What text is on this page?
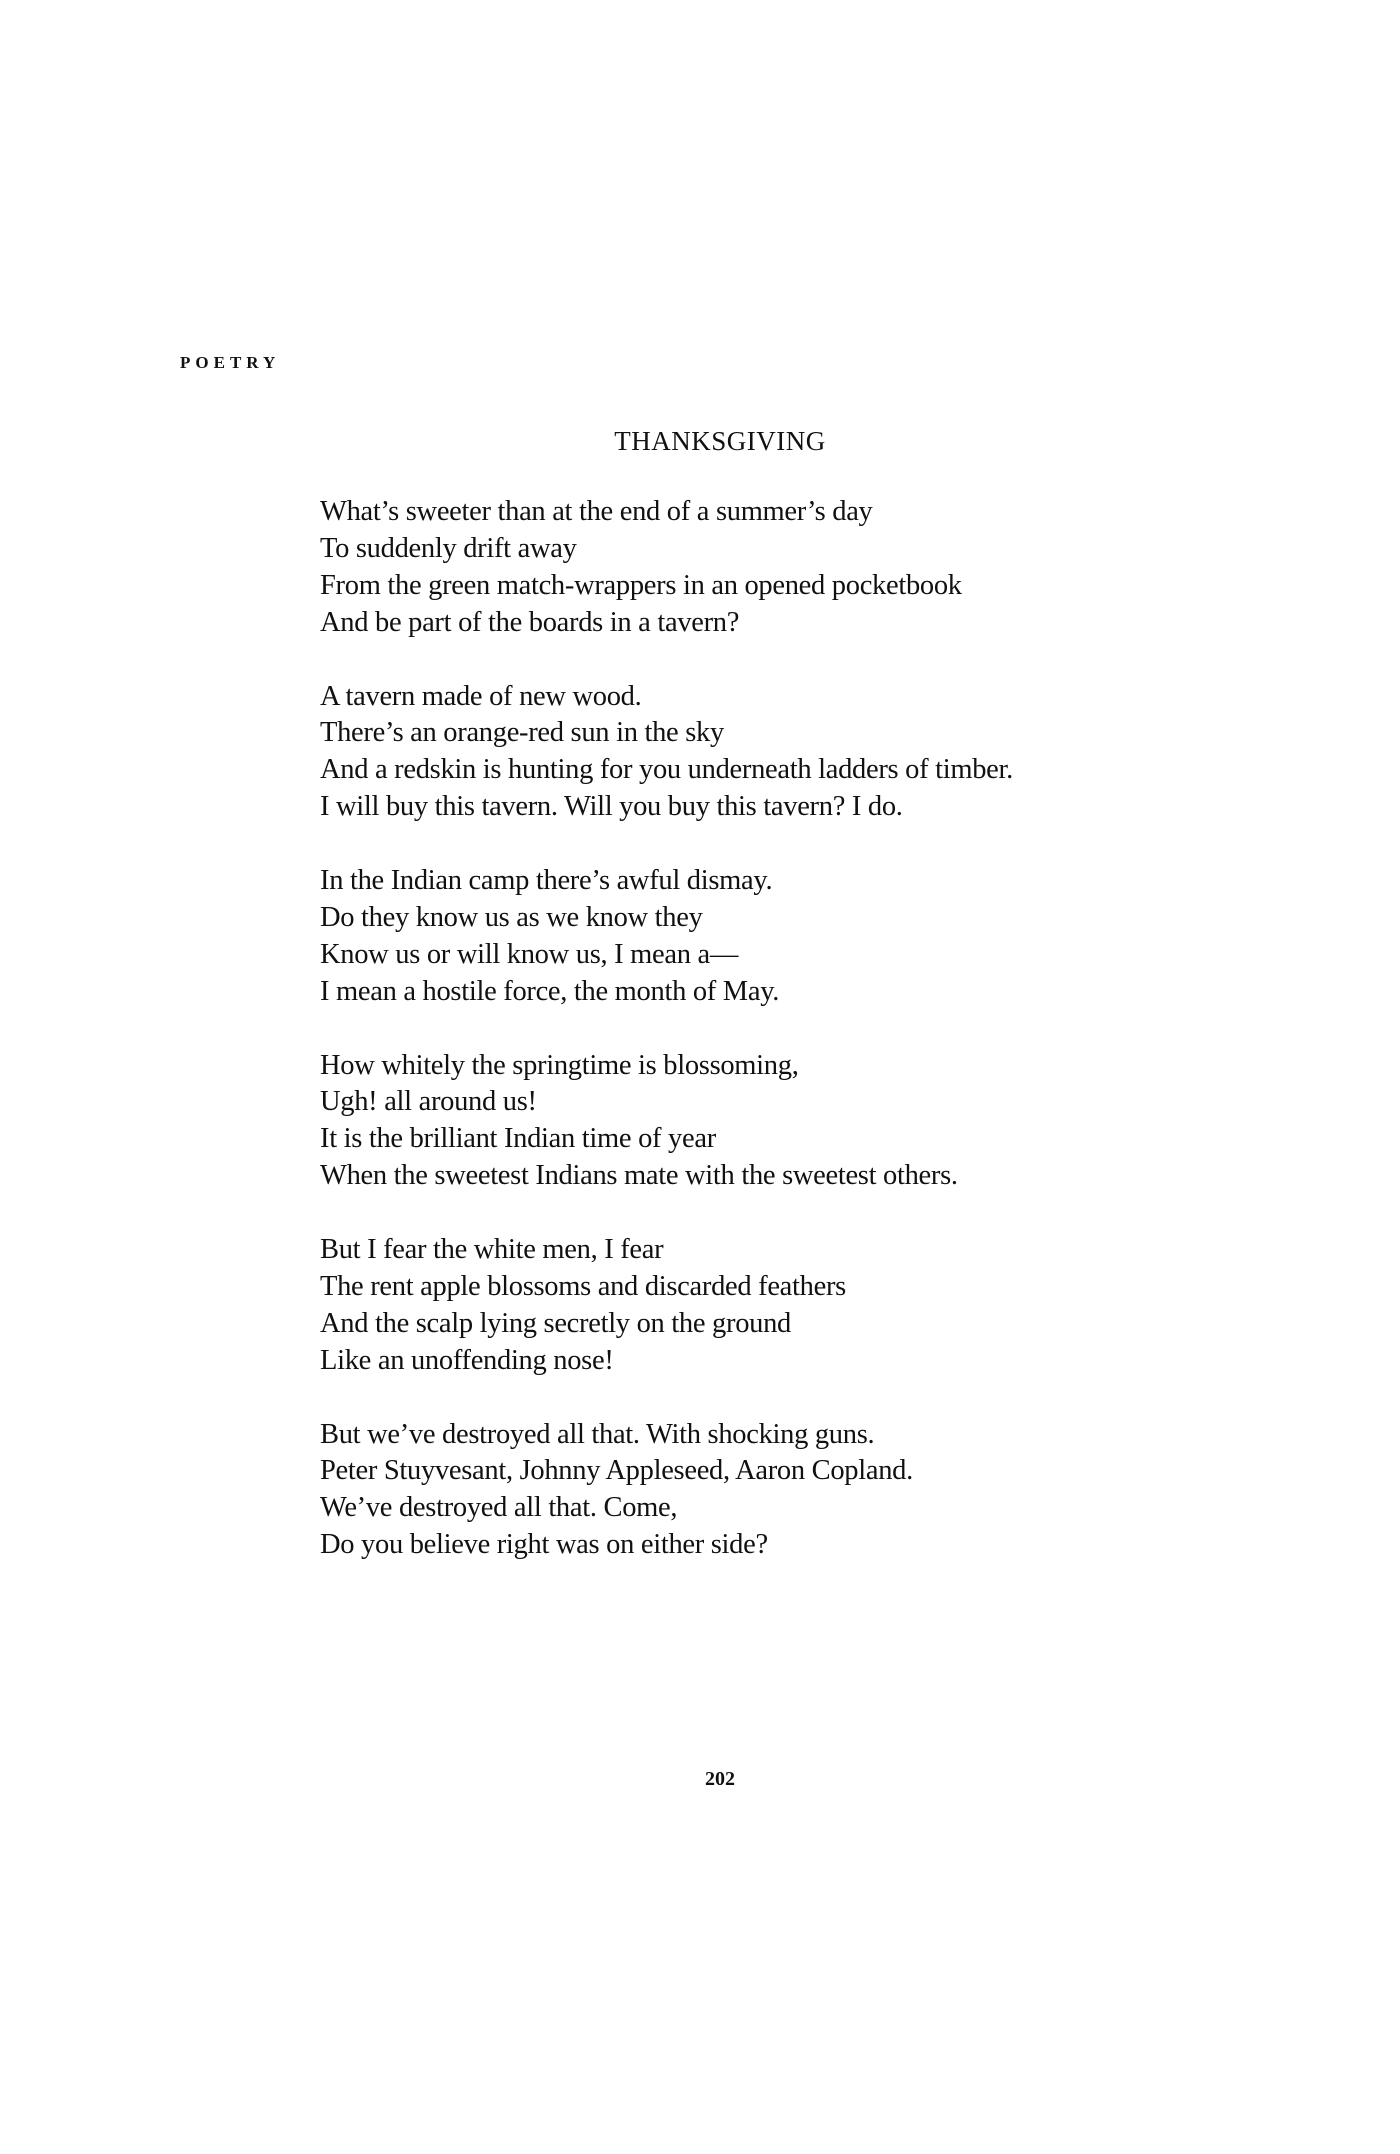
POETRY
THANKSGIVING
What’s sweeter than at the end of a summer’s day
To suddenly drift away
From the green match-wrappers in an opened pocketbook
And be part of the boards in a tavern?
A tavern made of new wood.
There’s an orange-red sun in the sky
And a redskin is hunting for you underneath ladders of timber.
I will buy this tavern. Will you buy this tavern? I do.
In the Indian camp there’s awful dismay.
Do they know us as we know they
Know us or will know us, I mean a—
I mean a hostile force, the month of May.
How whitely the springtime is blossoming,
Ugh! all around us!
It is the brilliant Indian time of year
When the sweetest Indians mate with the sweetest others.
But I fear the white men, I fear
The rent apple blossoms and discarded feathers
And the scalp lying secretly on the ground
Like an unoffending nose!
But we’ve destroyed all that. With shocking guns.
Peter Stuyvesant, Johnny Appleseed, Aaron Copland.
We’ve destroyed all that. Come,
Do you believe right was on either side?
202
